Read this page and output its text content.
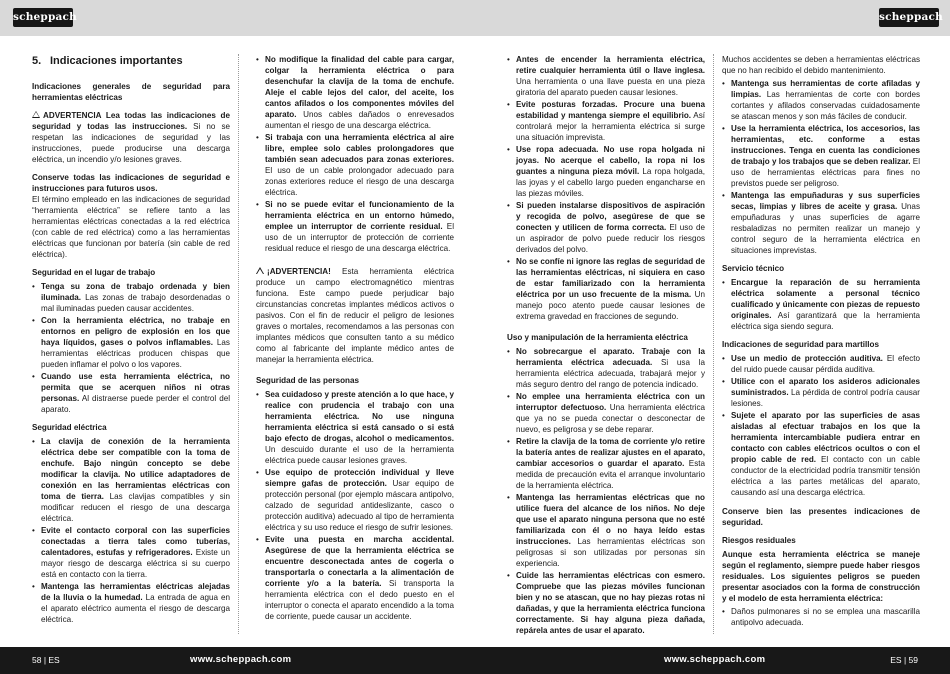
scheppach	scheppach
5. Indicaciones importantes

Indicaciones generales de seguridad para herramientas eléctricas

ADVERTENCIA Lea todas las indicaciones de seguridad y todas las instrucciones. Si no se respetan las indicaciones de seguridad y las instrucciones, puede producirse una descarga eléctrica, un incendio y/o lesiones graves.

Conserve todas las indicaciones de seguridad e instrucciones para futuros usos.
El término empleado en las indicaciones de seguridad “herramienta eléctrica” se refiere tanto a las herramientas eléctricas conectadas a la red eléctrica (con cable de red eléctrica) como a las herramientas eléctricas que funcionan por batería (sin cable de red eléctrica).

Seguridad en el lugar de trabajo
• Tenga su zona de trabajo ordenada y bien iluminada. Las zonas de trabajo desordenadas o mal iluminadas pueden causar accidentes.
• Con la herramienta eléctrica, no trabaje en entornos en peligro de explosión en los que haya líquidos, gases o polvos inflamables. Las herramientas eléctricas producen chispas que pueden inflamar el polvo o los vapores.
• Cuando use esta herramienta eléctrica, no permita que se acerquen niños ni otras personas. Al distraerse puede perder el control del aparato.
Seguridad eléctrica
• La clavija de conexión de la herramienta eléctrica debe ser compatible con la toma de enchufe. Bajo ningún concepto se debe modificar la clavija. No utilice adaptadores de conexión en las herramientas eléctricas con toma de tierra. Las clavijas compatibles y sin modificar reducen el riesgo de una descarga eléctrica.
• Evite el contacto corporal con las superficies conectadas a tierra tales como tuberías, calentadores, estufas y refrigeradores. Existe un mayor riesgo de descarga eléctrica si su cuerpo está en contacto con la tierra.
• Mantenga las herramientas eléctricas alejadas de la lluvia o la humedad. La entrada de agua en el aparato eléctrico aumenta el riesgo de descarga eléctrica.
• No modifique la finalidad del cable para cargar, colgar la herramienta eléctrica o para desenchufar la clavija de la toma de enchufe. Aleje el cable lejos del calor, del aceite, los cantos afilados o los componentes móviles del aparato. Unos cables dañados o enrevesados aumentan el riesgo de una descarga eléctrica.
• Si trabaja con una herramienta eléctrica al aire libre, emplee solo cables prolongadores que también sean adecuados para zonas exteriores. El uso de un cable prolongador adecuado para zonas exteriores reduce el riesgo de una descarga eléctrica.
• Si no se puede evitar el funcionamiento de la herramienta eléctrica en un entorno húmedo, emplee un interruptor de corriente residual. El uso de un interruptor de protección de corriente residual reduce el riesgo de una descarga eléctrica.

¡ADVERTENCIA! Esta herramienta eléctrica produce un campo electromagnético mientras funciona. Este campo puede perjudicar bajo circunstancias concretas implantes médicos activos o pasivos. Con el fin de reducir el peligro de lesiones graves o mortales, recomendamos a las personas con implantes médicos que consulten tanto a su médico como al fabricante del implante médico antes de manejar la herramienta eléctrica.

Seguridad de las personas
• Sea cuidadoso y preste atención a lo que hace, y realice con prudencia el trabajo con una herramienta eléctrica. No use ninguna herramienta eléctrica si está cansado o si está bajo efecto de drogas, alcohol o medicamentos. Un descuido durante el uso de la herramienta eléctrica puede causar lesiones graves.
• Use equipo de protección individual y lleve siempre gafas de protección. Usar equipo de protección personal (por ejemplo máscara antipolvo, calzado de seguridad antideslizante, casco o protección auditiva) adecuado al tipo de herramienta eléctrica y su uso reduce el riesgo de sufrir lesiones.
• Evite una puesta en marcha accidental. Asegúrese de que la herramienta eléctrica se encuentre desconectada antes de cogerla o transportarla o conectarla a la alimentación de corriente y/o a la batería. Si transporta la herramienta eléctrica con el dedo puesto en el interruptor o conecta el aparato encendido a la toma de corriente, puede causar un accidente.
• Antes de encender la herramienta eléctrica, retire cualquier herramienta útil o llave inglesa. Una herramienta o una llave puesta en una pieza giratoria del aparato pueden causar lesiones.
• Evite posturas forzadas. Procure una buena estabilidad y mantenga siempre el equilibrio. Así controlará mejor la herramienta eléctrica si surge una situación imprevista.
• Use ropa adecuada. No use ropa holgada ni joyas. No acerque el cabello, la ropa ni los guantes a ninguna pieza móvil. La ropa holgada, las joyas y el cabello largo pueden engancharse en las piezas móviles.
• Si pueden instalarse dispositivos de aspiración y recogida de polvo, asegúrese de que se conecten y utilicen de forma correcta. El uso de un aspirador de polvo puede reducir los riesgos derivados del polvo.
• No se confíe ni ignore las reglas de seguridad de las herramientas eléctricas, ni siquiera en caso de estar familiarizado con la herramienta eléctrica por un uso frecuente de la misma. Un manejo poco atento puede causar lesiones de extrema gravedad en fracciones de segundo.
Uso y manipulación de la herramienta eléctrica
• No sobrecargue el aparato. Trabaje con la herramienta eléctrica adecuada. Si usa la herramienta eléctrica adecuada, trabajará mejor y más seguro dentro del rango de potencia indicado.
• No emplee una herramienta eléctrica con un interruptor defectuoso. Una herramienta eléctrica que ya no se pueda conectar o desconectar de nuevo, es peligrosa y se debe reparar.
• Retire la clavija de la toma de corriente y/o retire la batería antes de realizar ajustes en el aparato, cambiar accesorios o guardar el aparato. Esta medida de precaución evita el arranque involuntario de la herramienta eléctrica.
• Mantenga las herramientas eléctricas que no utilice fuera del alcance de los niños. No deje que use el aparato ninguna persona que no esté familiarizada con él o no haya leído estas instrucciones. Las herramientas eléctricas son peligrosas si son utilizadas por personas sin experiencia.
• Cuide las herramientas eléctricas con esmero. Compruebe que las piezas móviles funcionan bien y no se atascan, que no hay piezas rotas ni dañadas, y que la herramienta eléctrica funciona correctamente. Si hay alguna pieza dañada, repárela antes de usar el aparato.

Muchos accidentes se deben a herramientas eléctricas que no han recibido el debido mantenimiento.

• Mantenga sus herramientas de corte afiladas y limpias. Las herramientas de corte con bordes cortantes y afilados conservadas cuidadosamente se atascan menos y son más fáciles de conducir.
• Use la herramienta eléctrica, los accesorios, las herramientas, etc. conforme a estas instrucciones. Tenga en cuenta las condiciones de trabajo y los trabajos que se deben realizar. El uso de herramientas eléctricas para fines no previstos puede ser peligroso.
• Mantenga las empuñaduras y sus superficies secas, limpias y libres de aceite y grasa. Unas empuñaduras y unas superficies de agarre resbaladizas no permiten realizar un manejo y control seguro de la herramienta eléctrica en situaciones imprevistas.
Servicio técnico
• Encargue la reparación de su herramienta eléctrica solamente a personal técnico cualificado y únicamente con piezas de repuesto originales. Así garantizará que la herramienta eléctrica siga siendo segura.
Indicaciones de seguridad para martillos
• Use un medio de protección auditiva. El efecto del ruido puede causar pérdida auditiva.
• Utilice con el aparato los asideros adicionales suministrados. La pérdida de control podría causar lesiones.
• Sujete el aparato por las superficies de asas aisladas al efectuar trabajos en los que la herramienta intercambiable pudiera entrar en contacto con cables eléctricos ocultos o con el propio cable de red. El contacto con un cable conductor de la electricidad podría transmitir tensión eléctrica a las partes metálicas del aparato, causando así una descarga eléctrica.

Conserve bien las presentes indicaciones de seguridad.

Riesgos residuales

Aunque esta herramienta eléctrica se maneje según el reglamento, siempre puede haber riesgos residuales. Los siguientes peligros se pueden presentar asociados con la forma de construcción y el modelo de esta herramienta eléctrica:

• Daños pulmonares si no se emplea una mascarilla antipolvo adecuada.
58 | ES	www.scheppach.com	www.scheppach.com	ES | 59
